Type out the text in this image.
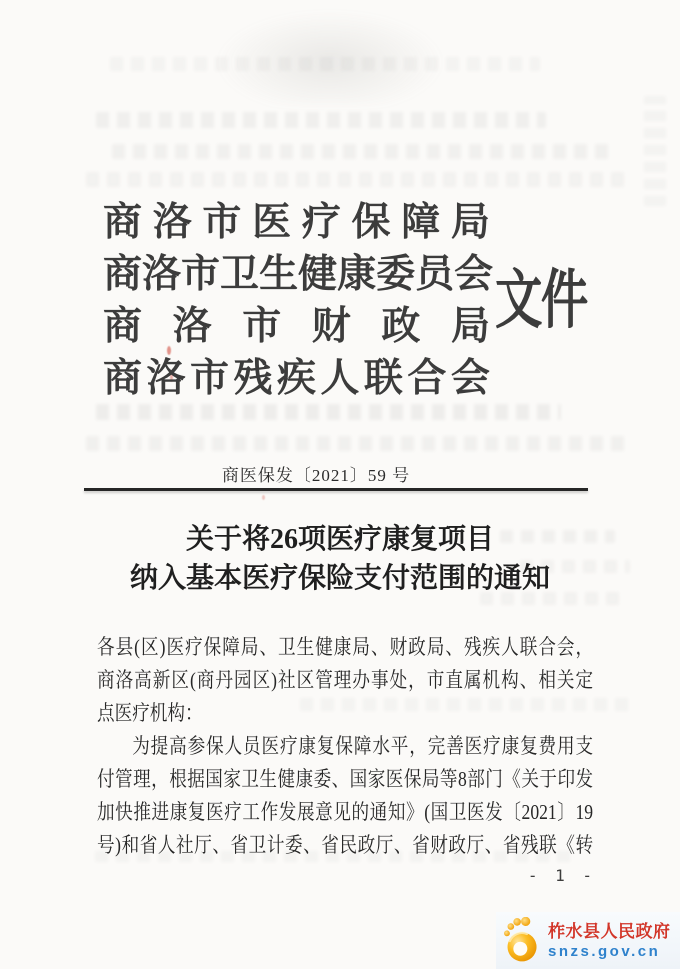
商 洛 市 医 疗 保 障 局
商 洛 市 卫 生 健 康 委 员 会
商 洛 市 财 政 局
商 洛 市 残 疾 人 联 合 会
文件
商医保发〔2021〕59 号
关于将26项医疗康复项目
纳入基本医疗保险支付范围的通知

各县(区)医疗保障局、卫生健康局、财政局、残疾人联合会，

商洛高新区(商丹园区)社区管理办事处，市直属机构、相关定

点医疗机构：

为提高参保人员医疗康复保障水平，完善医疗康复费用支

付管理，根据国家卫生健康委、国家医保局等8部门《关于印发

加快推进康复医疗工作发展意见的通知》(国卫医发〔2021〕19

号)和省人社厅、省卫计委、省民政厅、省财政厅、省残联《转

- 1 -
柞水县人民政府
snzs.gov.cn
